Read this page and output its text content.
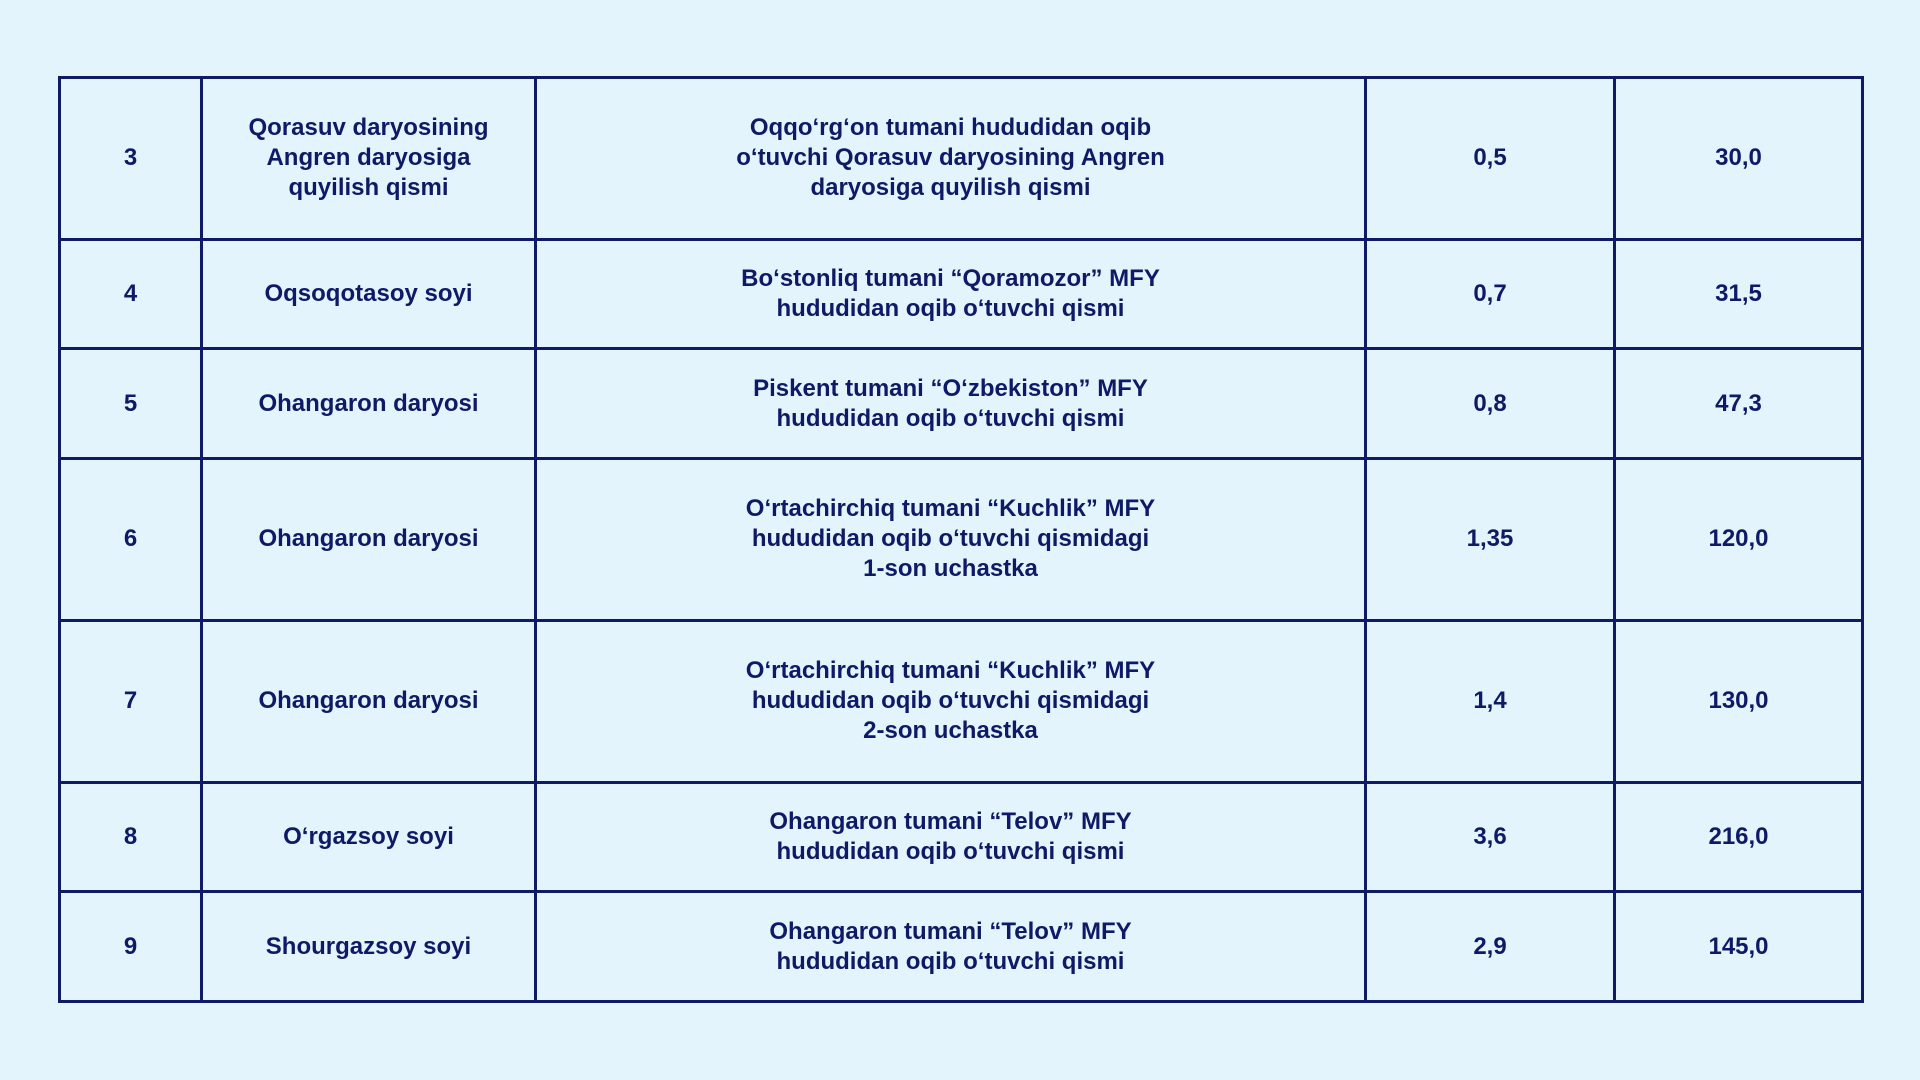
3	Qorasuv daryosining
Angren daryosiga
quyilish qismi	Oqqo‘rg‘on tumani hududidan oqib
o‘tuvchi Qorasuv daryosining Angren
daryosiga quyilish qismi	0,5	30,0
4	Oqsoqotasoy soyi	Bo‘stonliq tumani “Qoramozor” MFY
hududidan oqib o‘tuvchi qismi	0,7	31,5
5	Ohangaron daryosi	Piskent tumani “O‘zbekiston” MFY
hududidan oqib o‘tuvchi qismi	0,8	47,3
6	Ohangaron daryosi	O‘rtachirchiq tumani “Kuchlik” MFY
hududidan oqib o‘tuvchi qismidagi
1-son uchastka	1,35	120,0
7	Ohangaron daryosi	O‘rtachirchiq tumani “Kuchlik” MFY
hududidan oqib o‘tuvchi qismidagi
2-son uchastka	1,4	130,0
8	O‘rgazsoy soyi	Ohangaron tumani “Telov” MFY
hududidan oqib o‘tuvchi qismi	3,6	216,0
9	Shourgazsoy soyi	Ohangaron tumani “Telov” MFY
hududidan oqib o‘tuvchi qismi	2,9	145,0
